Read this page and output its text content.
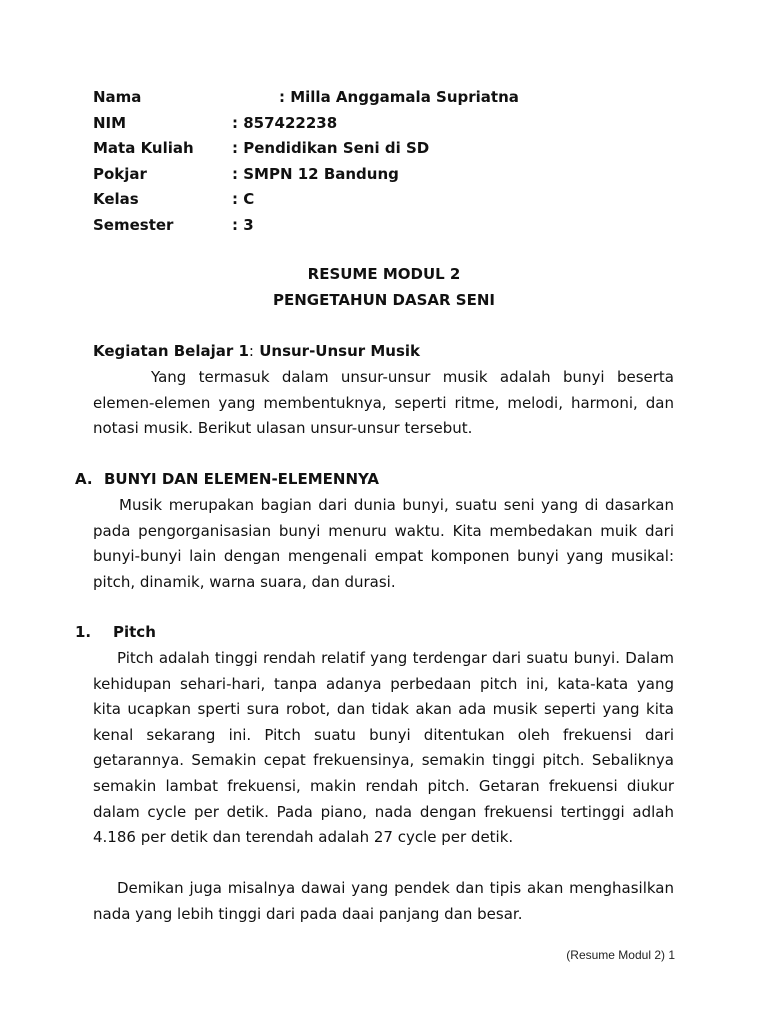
Nama	: Milla Anggamala Supriatna
NIM	: 857422238
Mata Kuliah	: Pendidikan Seni di SD
Pokjar	: SMPN 12 Bandung
Kelas	: C
Semester	: 3
RESUME MODUL 2
PENGETAHUN DASAR SENI
Kegiatan Belajar 1: Unsur-Unsur Musik

Yang termasuk dalam unsur-unsur musik adalah bunyi beserta elemen-elemen yang membentuknya, seperti ritme, melodi, harmoni, dan notasi musik. Berikut ulasan unsur-unsur tersebut.

A. BUNYI DAN ELEMEN-ELEMENNYA

Musik merupakan bagian dari dunia bunyi, suatu seni yang di dasarkan pada pengorganisasian bunyi menuru waktu. Kita membedakan muik dari bunyi-bunyi lain dengan mengenali empat komponen bunyi yang musikal: pitch, dinamik, warna suara, dan durasi.

1. Pitch

Pitch adalah tinggi rendah relatif yang terdengar dari suatu bunyi. Dalam kehidupan sehari-hari, tanpa adanya perbedaan pitch ini, kata-kata yang kita ucapkan sperti sura robot, dan tidak akan ada musik seperti yang kita kenal sekarang ini. Pitch suatu bunyi ditentukan oleh frekuensi dari getarannya. Semakin cepat frekuensinya, semakin tinggi pitch. Sebaliknya semakin lambat frekuensi, makin rendah pitch. Getaran frekuensi diukur dalam cycle per detik. Pada piano, nada dengan frekuensi tertinggi adlah 4.186 per detik dan terendah adalah 27 cycle per detik.

Demikan juga misalnya dawai yang pendek dan tipis akan menghasilkan nada yang lebih tinggi dari pada daai panjang dan besar.

(Resume Modul 2) 1
